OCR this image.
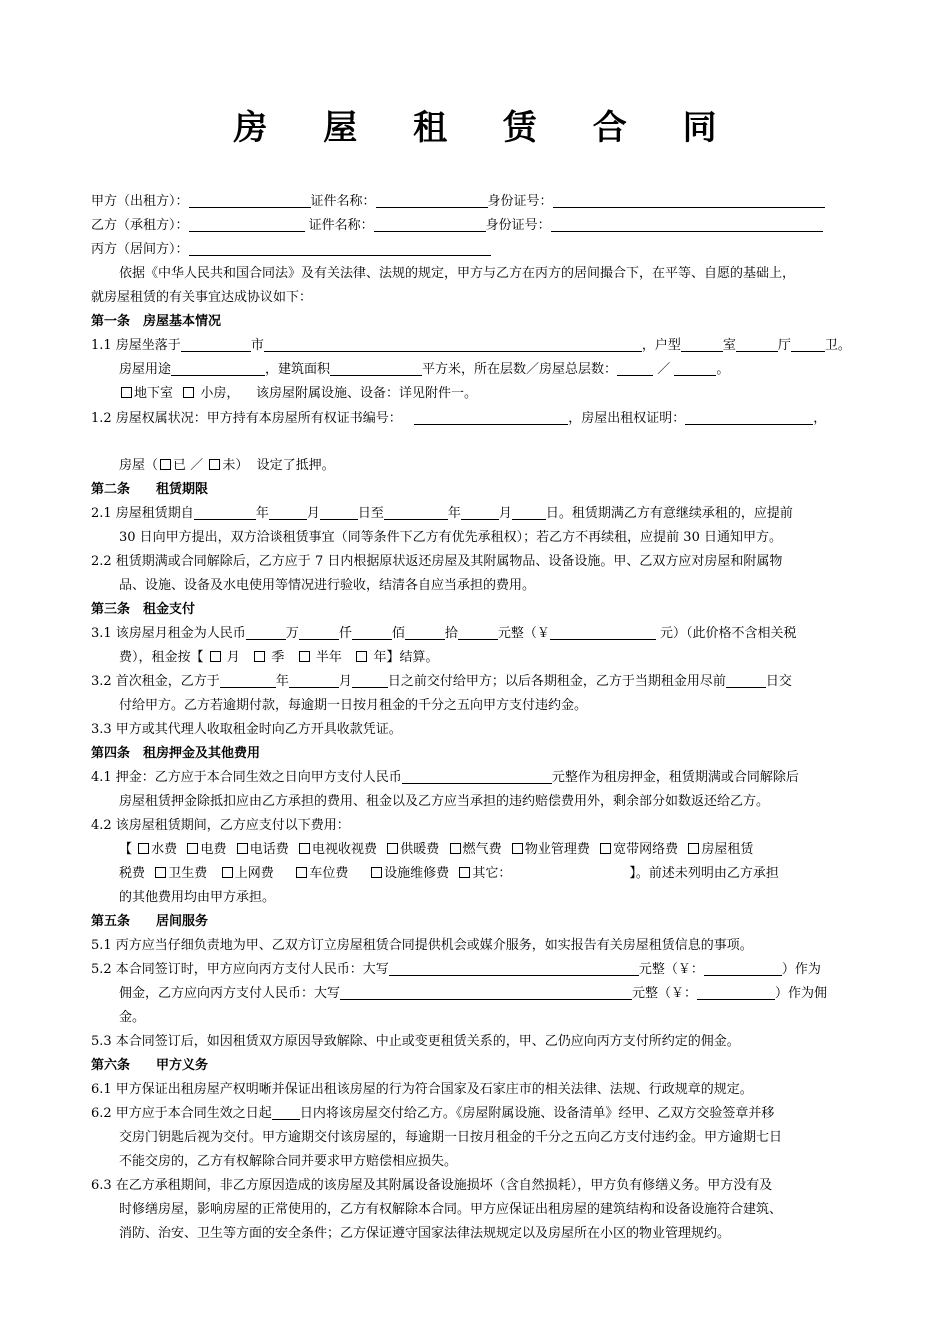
房 屋 租 赁 合 同
甲方（出租方）：	证件名称：	身份证号：
乙方（承租方）：	证件名称：	身份证号：
丙方（居间方）：
依据《中华人民共和国合同法》及有关法律、法规的规定，甲方与乙方在丙方的居间撮合下，在平等、自愿的基础上，
就房屋租赁的有关事宜达成协议如下：
第一条　房屋基本情况
1.1 房屋坐落于	市	，户型	室	厅	卫。
房屋用途	，建筑面积	平方米，所在层数／房屋总层数：	／	。
地下室 小房， 该房屋附属设施、设备：详见附件一。
1.2 房屋权属状况：甲方持有本房屋所有权证书编号：	，房屋出租权证明：	，
房屋（ 已 ／ 未） 设定了抵押。
第二条　　租赁期限
2.1 房屋租赁期自	年	月	日至	年	月	日。租赁期满乙方有意继续承租的，应提前
30 日向甲方提出，双方洽谈租赁事宜（同等条件下乙方有优先承租权）；若乙方不再续租，应提前 30 日通知甲方。
2.2 租赁期满或合同解除后，乙方应于 7 日内根据原状返还房屋及其附属物品、设备设施。甲、乙双方应对房屋和附属物
品、设施、设备及水电使用等情况进行验收，结清各自应当承担的费用。
第三条　租金支付
3.1 该房屋月租金为人民币	万	仟	佰	拾	元整（￥	元）（此价格不含相关税
费），租金按【 月 季 半年 年】结算。
3.2 首次租金，乙方于	年	月	日之前交付给甲方；以后各期租金，乙方于当期租金用尽前	日交
付给甲方。乙方若逾期付款，每逾期一日按月租金的千分之五向甲方支付违约金。
3.3 甲方或其代理人收取租金时向乙方开具收款凭证。
第四条　租房押金及其他费用
4.1 押金：乙方应于本合同生效之日向甲方支付人民币	元整作为租房押金，租赁期满或合同解除后
房屋租赁押金除抵扣应由乙方承担的费用、租金以及乙方应当承担的违约赔偿费用外，剩余部分如数返还给乙方。
4.2 该房屋租赁期间，乙方应支付以下费用：
【 水费 电费 电话费 电视收视费 供暖费 燃气费 物业管理费 宽带网络费 房屋租赁
税费 卫生费 上网费	车位费	设施维修费 其它：	】。前述未列明由乙方承担
的其他费用均由甲方承担。
第五条　　居间服务
5.1 丙方应当仔细负责地为甲、乙双方订立房屋租赁合同提供机会或媒介服务，如实报告有关房屋租赁信息的事项。
5.2 本合同签订时，甲方应向丙方支付人民币：大写	元整（￥：	）作为
佣金，乙方应向丙方支付人民币：大写	元整（￥：	）作为佣
金。
5.3 本合同签订后，如因租赁双方原因导致解除、中止或变更租赁关系的，甲、乙仍应向丙方支付所约定的佣金。
第六条　　甲方义务
6.1 甲方保证出租房屋产权明晰并保证出租该房屋的行为符合国家及石家庄市的相关法律、法规、行政规章的规定。
6.2 甲方应于本合同生效之日起 日内将该房屋交付给乙方。《房屋附属设施、设备清单》经甲、乙双方交验签章并移
交房门钥匙后视为交付。甲方逾期交付该房屋的，每逾期一日按月租金的千分之五向乙方支付违约金。甲方逾期七日
不能交房的，乙方有权解除合同并要求甲方赔偿相应损失。
6.3 在乙方承租期间，非乙方原因造成的该房屋及其附属设备设施损坏（含自然损耗），甲方负有修缮义务。甲方没有及
时修缮房屋，影响房屋的正常使用的，乙方有权解除本合同。甲方应保证出租房屋的建筑结构和设备设施符合建筑、
消防、治安、卫生等方面的安全条件；乙方保证遵守国家法律法规规定以及房屋所在小区的物业管理规约。
